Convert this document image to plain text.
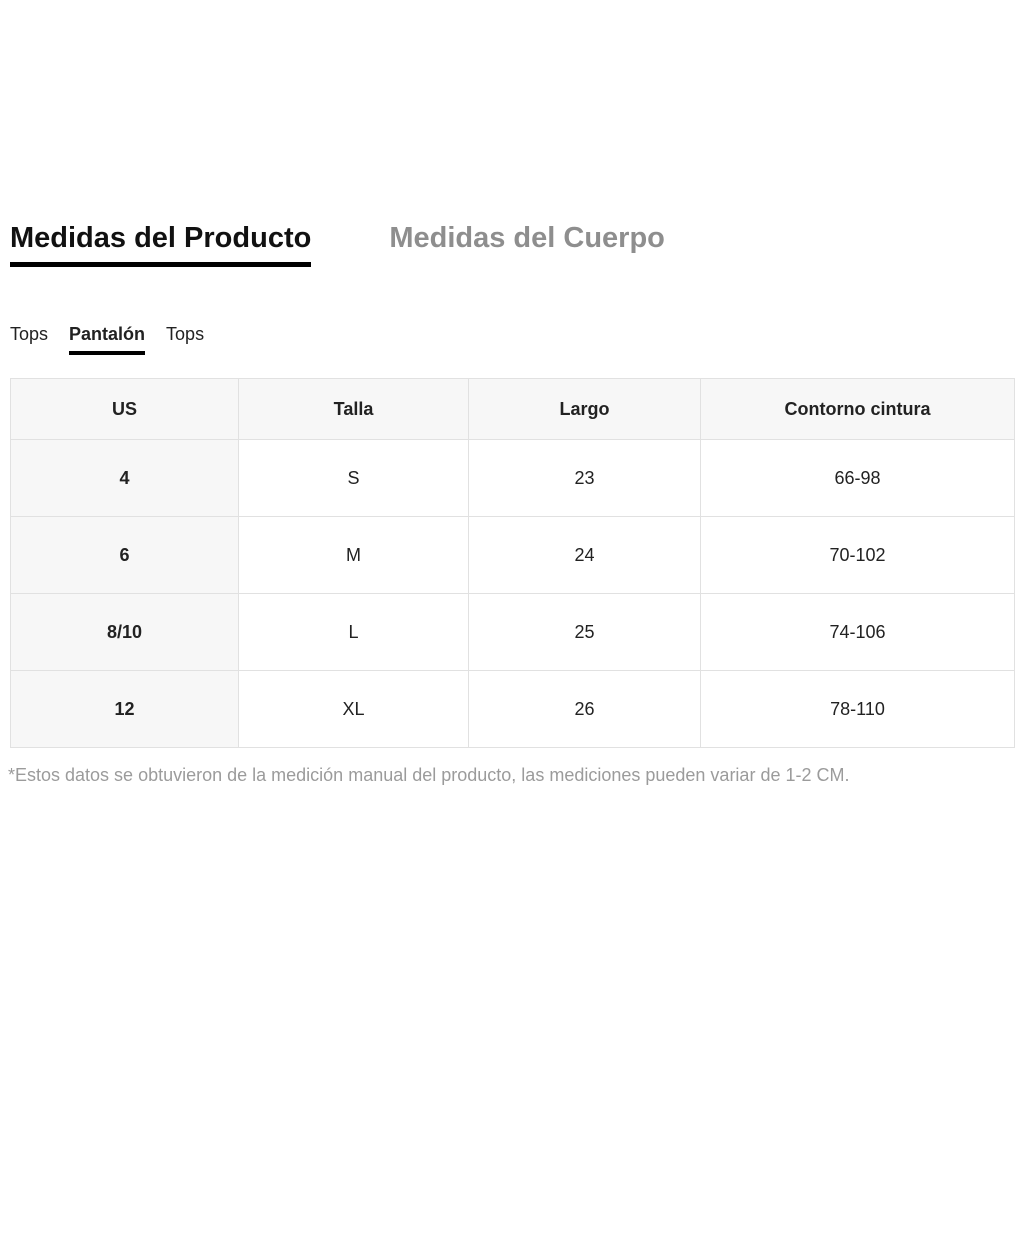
Medidas del Producto	Medidas del Cuerpo
Tops Pantalón Tops
US	Talla	Largo	Contorno cintura
4	S	23	66-98
6	M	24	70-102
8/10	L	25	74-106
12	XL	26	78-110

*Estos datos se obtuvieron de la medición manual del producto, las mediciones pueden variar de 1-2 CM.
